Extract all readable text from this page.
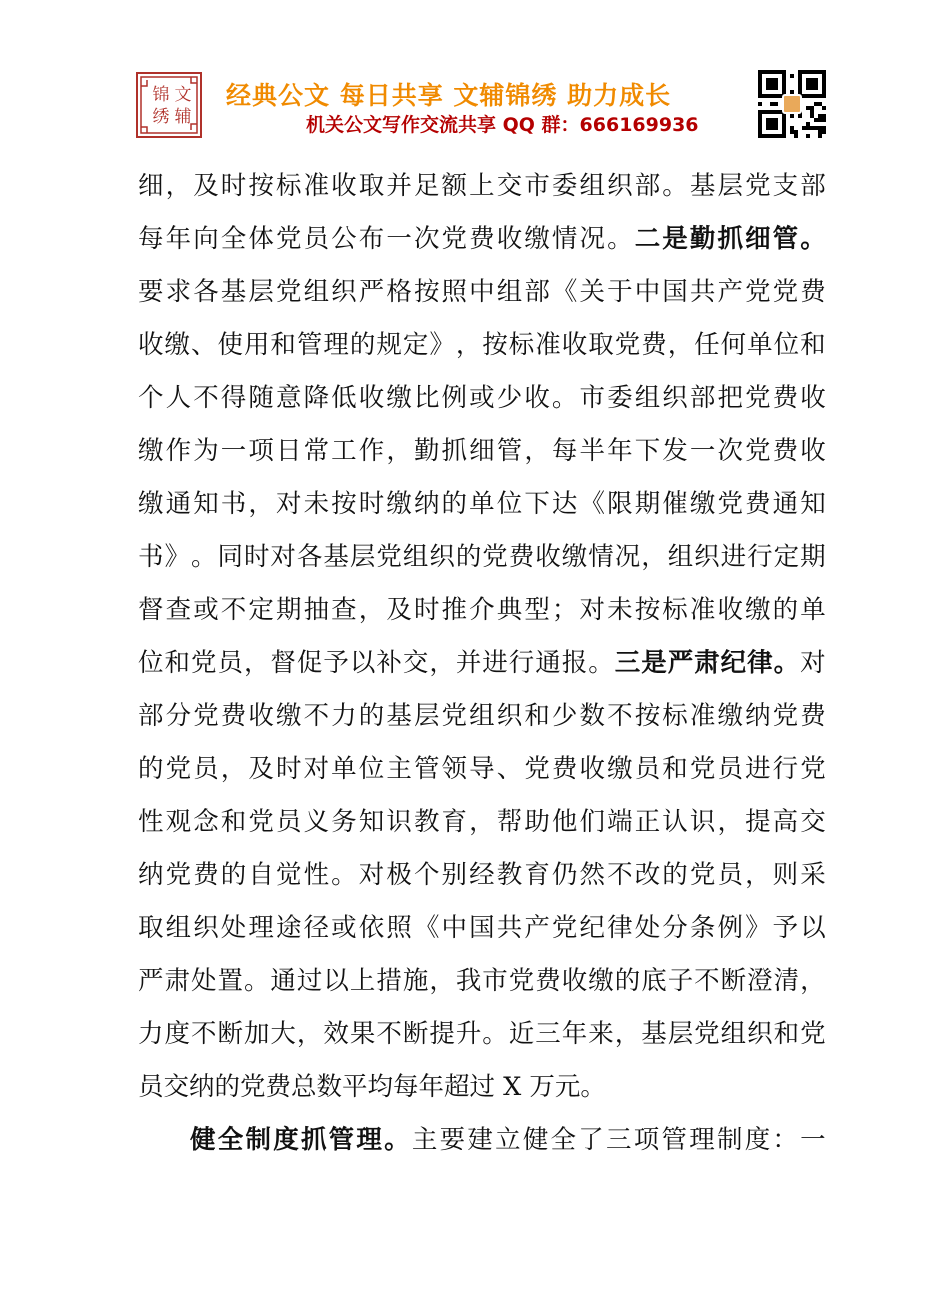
锦 文
绣 辅
经典公文 每日共享 文辅锦绣 助力成长
机关公文写作交流共享 QQ 群：666169936
细 ， 及 时 按 标 准 收 取 并 足 额 上 交 市 委 组 织 部 。 基 层 党 支 部
每 年 向 全 体 党 员 公 布 一 次 党 费 收 缴 情 况 。 二 是 勤 抓 细 管 。
要 求 各 基 层 党 组 织 严 格 按 照 中 组 部 《 关 于 中 国 共 产 党 党 费
收 缴 、 使 用 和 管 理 的 规 定 》 ， 按 标 准 收 取 党 费 ， 任 何 单 位 和
个 人 不 得 随 意 降 低 收 缴 比 例 或 少 收 。 市 委 组 织 部 把 党 费 收
缴 作 为 一 项 日 常 工 作 ， 勤 抓 细 管 ， 每 半 年 下 发 一 次 党 费 收
缴 通 知 书 ， 对 未 按 时 缴 纳 的 单 位 下 达 《 限 期 催 缴 党 费 通 知
书 》 。 同 时 对 各 基 层 党 组 织 的 党 费 收 缴 情 况 ， 组 织 进 行 定 期
督 查 或 不 定 期 抽 查 ， 及 时 推 介 典 型 ； 对 未 按 标 准 收 缴 的 单
位 和 党 员 ， 督 促 予 以 补 交 ， 并 进 行 通 报 。 三 是 严 肃 纪 律 。 对
部 分 党 费 收 缴 不 力 的 基 层 党 组 织 和 少 数 不 按 标 准 缴 纳 党 费
的 党 员 ， 及 时 对 单 位 主 管 领 导 、 党 费 收 缴 员 和 党 员 进 行 党
性 观 念 和 党 员 义 务 知 识 教 育 ， 帮 助 他 们 端 正 认 识 ， 提 高 交
纳 党 费 的 自 觉 性 。 对 极 个 别 经 教 育 仍 然 不 改 的 党 员 ， 则 采
取 组 织 处 理 途 径 或 依 照 《 中 国 共 产 党 纪 律 处 分 条 例 》 予 以
严 肃 处 置 。 通 过 以 上 措 施 ， 我 市 党 费 收 缴 的 底 子 不 断 澄 清 ，
力 度 不 断 加 大 ， 效 果 不 断 提 升 。 近 三 年 来 ， 基 层 党 组 织 和 党
员交纳的党费总数平均每年超过 X 万元。
健 全 制 度 抓 管 理 。 主 要 建 立 健 全 了 三 项 管 理 制 度 ： 一
